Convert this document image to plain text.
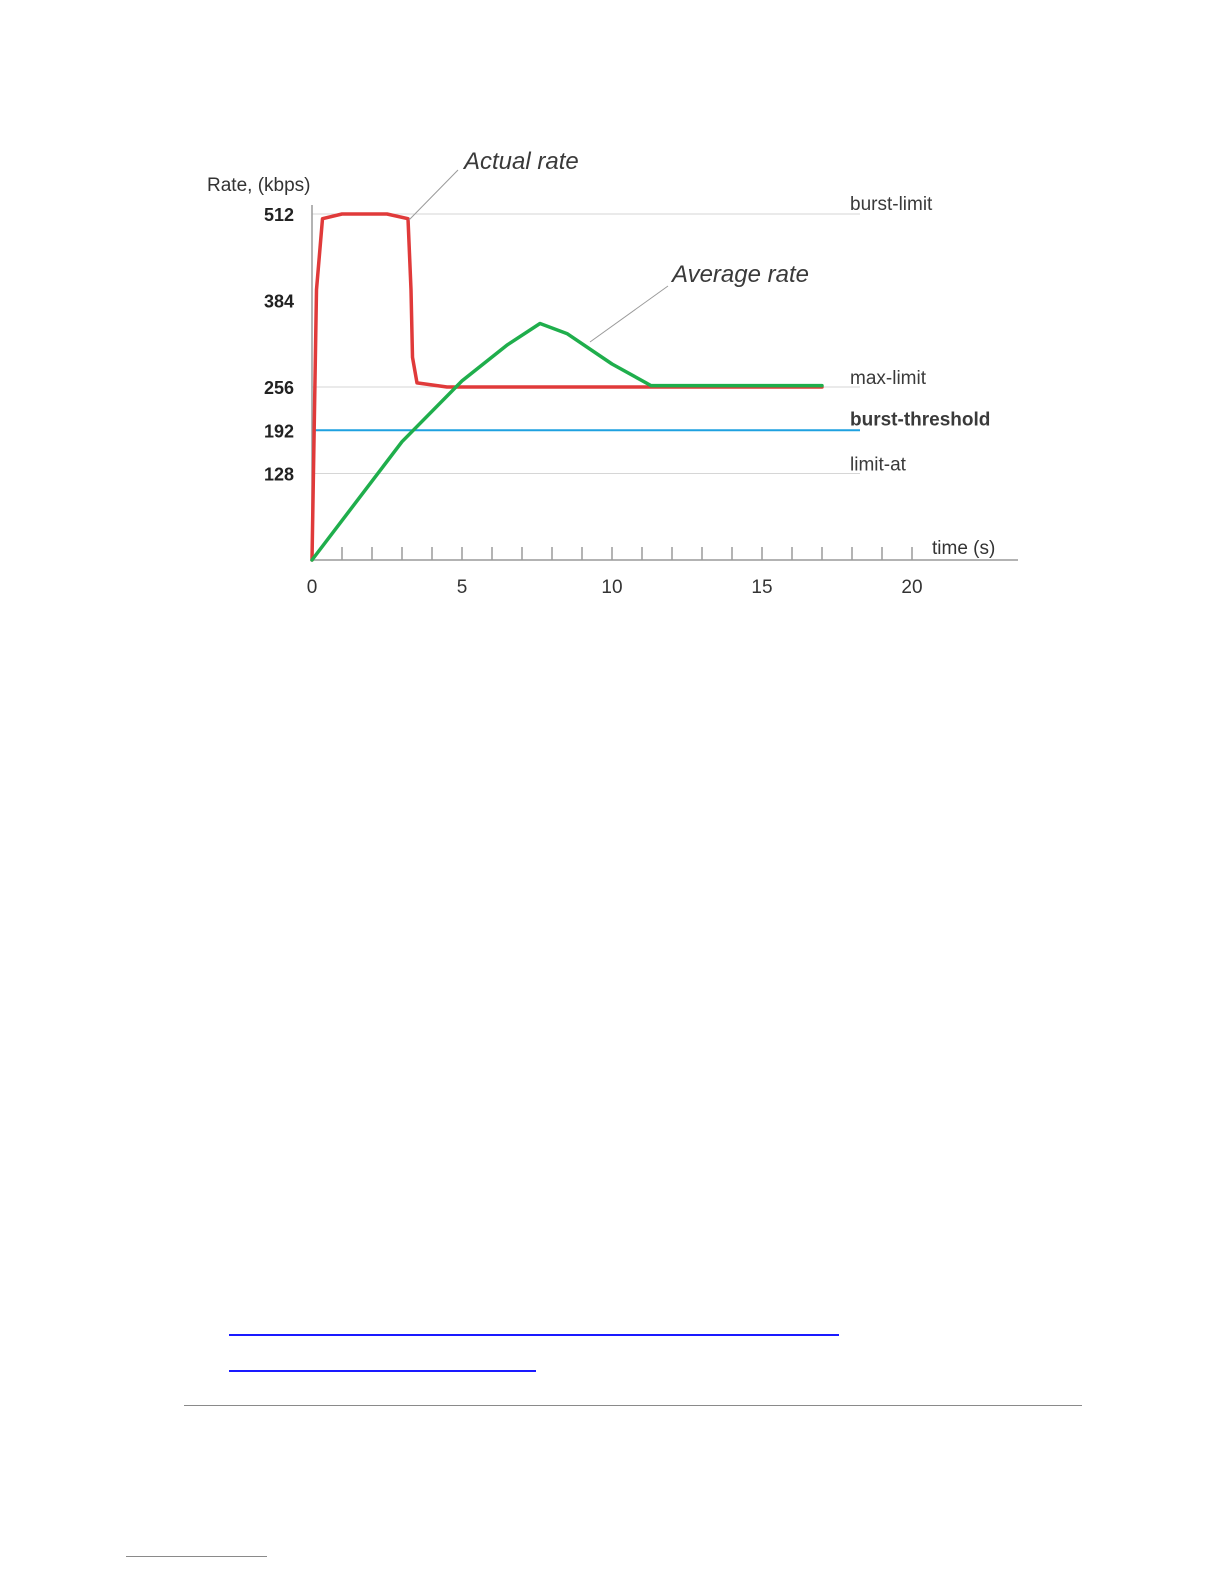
burst-limit
max-limit
burst-threshold
limit-at
Rate, (kbps)
128
192
256
384
512
0	5	10	15	20
time (s)
Actual rate
Average rate
